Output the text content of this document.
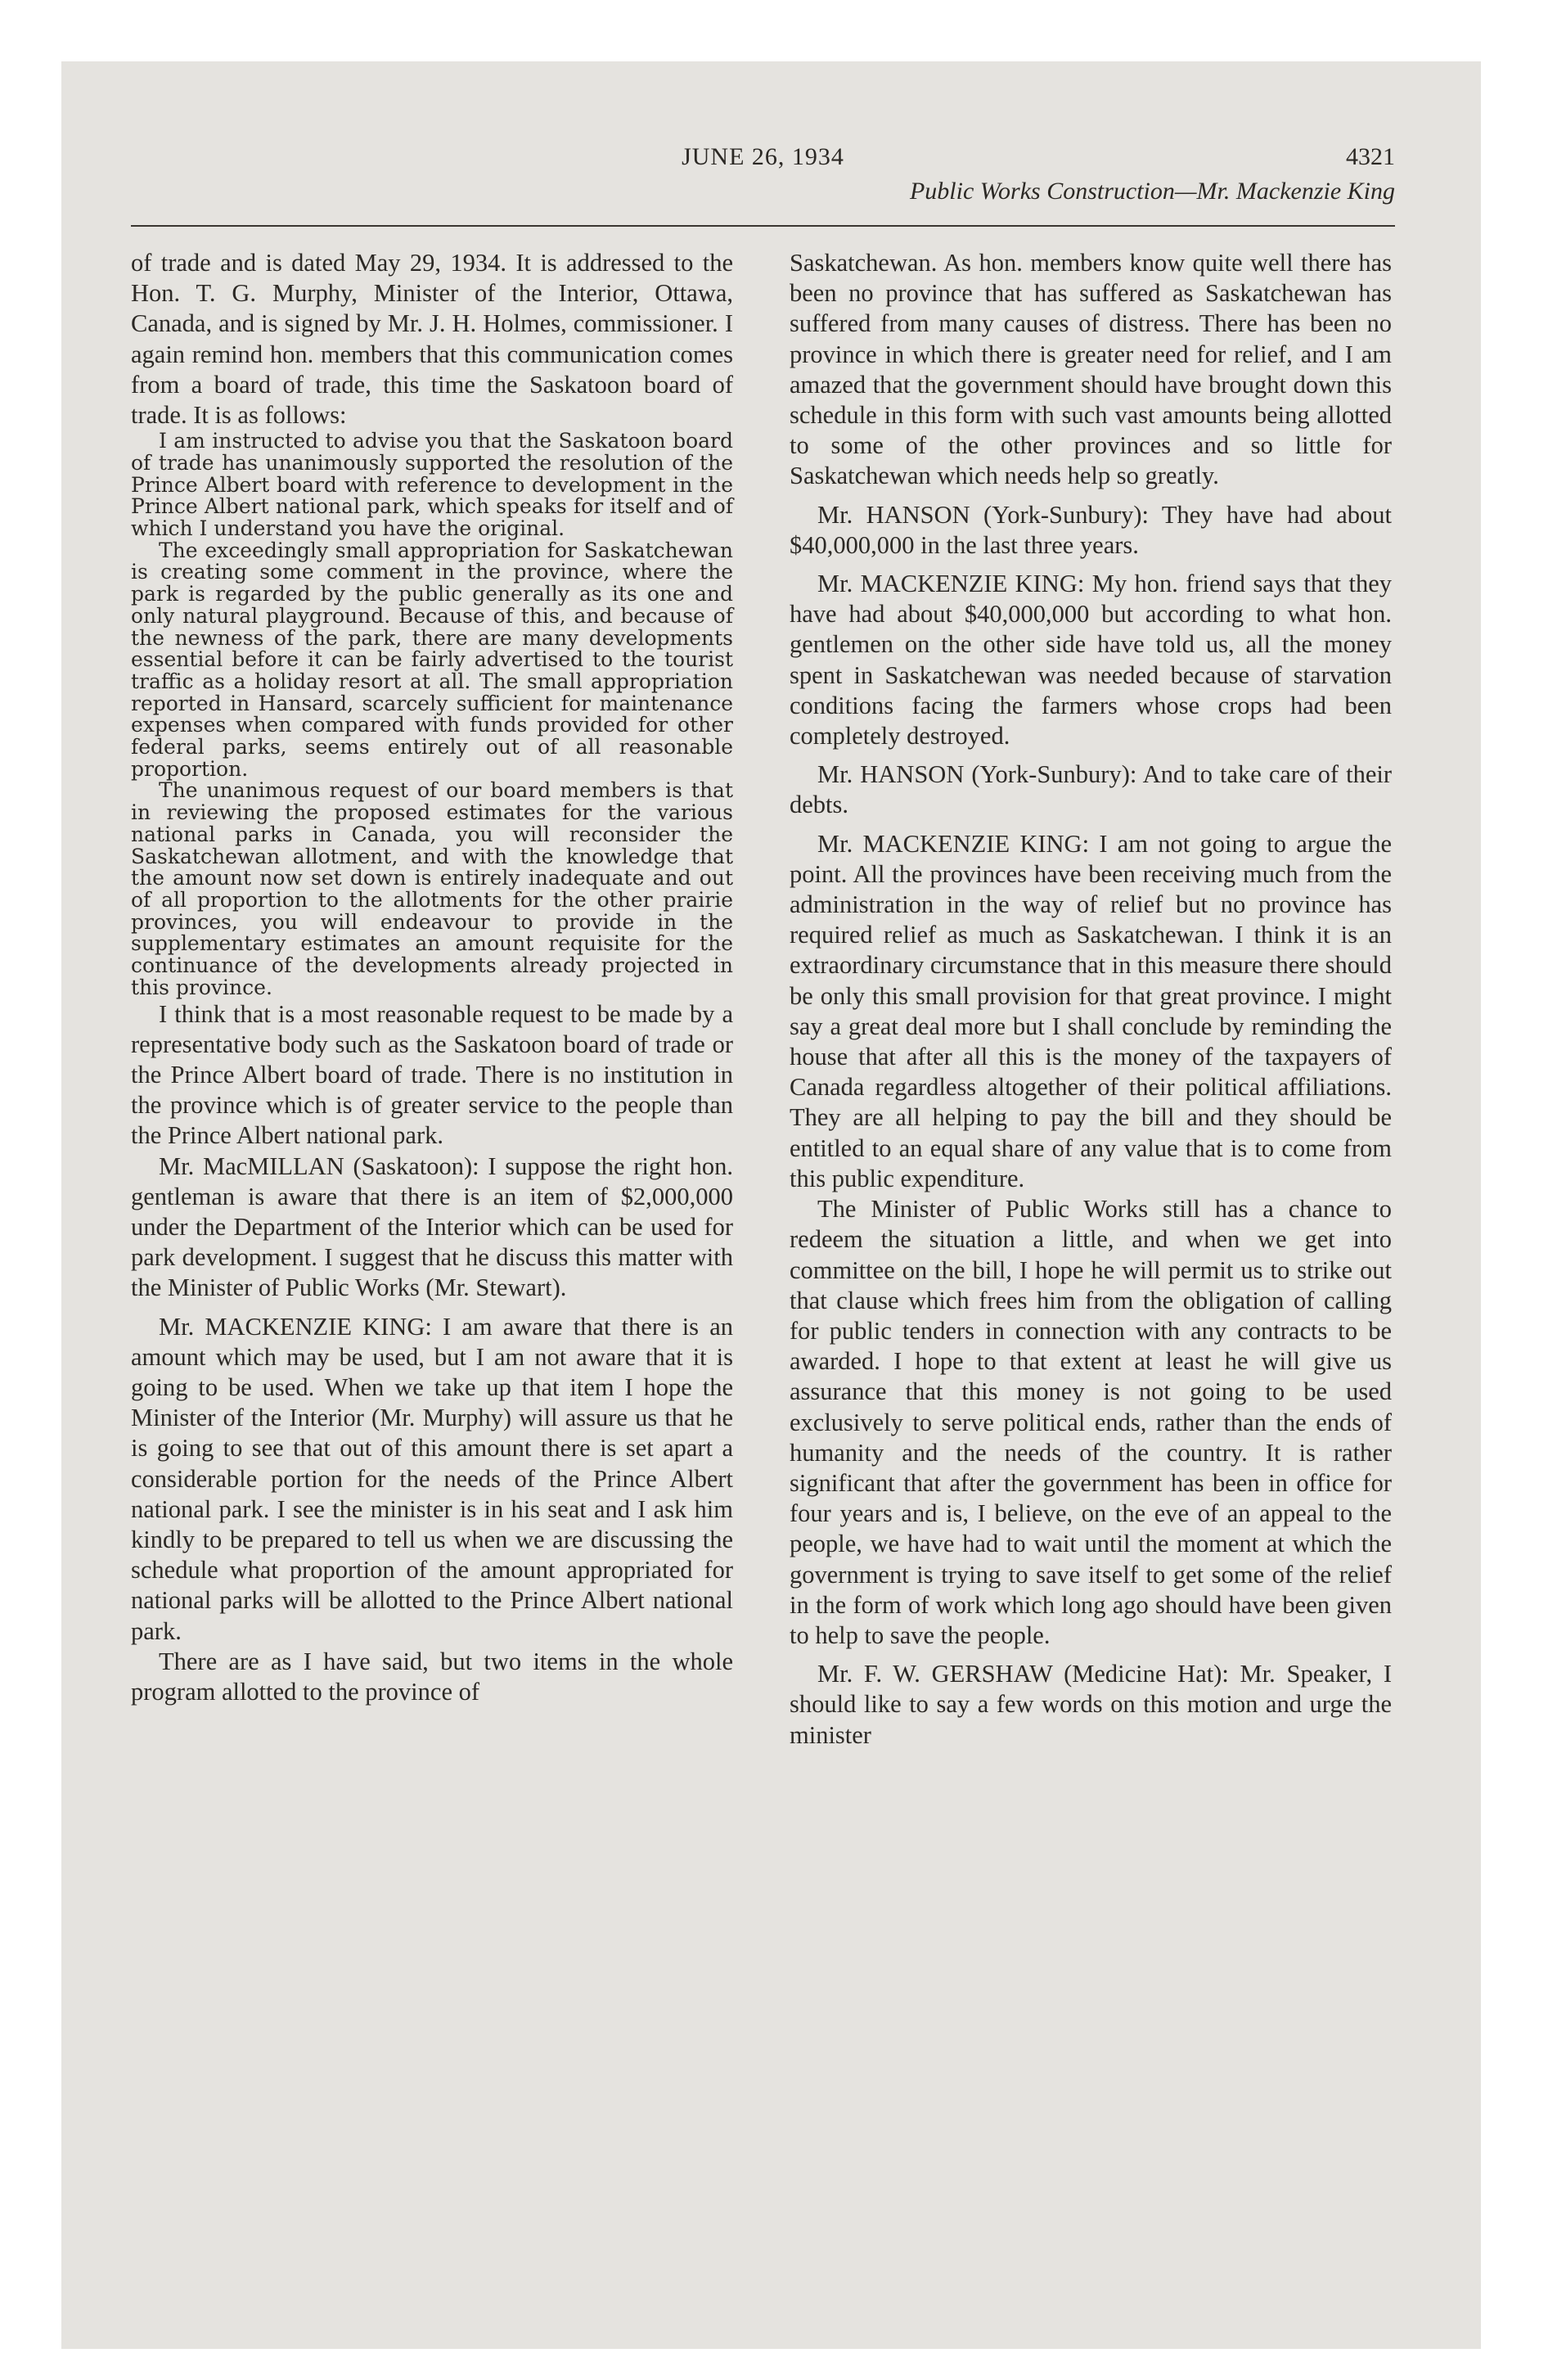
JUNE 26, 1934	4321
Public Works Construction—Mr. Mackenzie King

of trade and is dated May 29, 1934. It is addressed to the Hon. T. G. Murphy, Minister of the Interior, Ottawa, Canada, and is signed by Mr. J. H. Holmes, commissioner. I again remind hon. members that this communication comes from a board of trade, this time the Saskatoon board of trade. It is as follows:

I am instructed to advise you that the Saskatoon board of trade has unanimously supported the resolution of the Prince Albert board with reference to development in the Prince Albert national park, which speaks for itself and of which I understand you have the original.

The exceedingly small appropriation for Saskatchewan is creating some comment in the province, where the park is regarded by the public generally as its one and only natural playground. Because of this, and because of the newness of the park, there are many developments essential before it can be fairly advertised to the tourist traffic as a holiday resort at all. The small appropriation reported in Hansard, scarcely sufficient for maintenance expenses when compared with funds provided for other federal parks, seems entirely out of all reasonable proportion.

The unanimous request of our board members is that in reviewing the proposed estimates for the various national parks in Canada, you will reconsider the Saskatchewan allotment, and with the knowledge that the amount now set down is entirely inadequate and out of all proportion to the allotments for the other prairie provinces, you will endeavour to provide in the supplementary estimates an amount requisite for the continuance of the developments already projected in this province.

I think that is a most reasonable request to be made by a representative body such as the Saskatoon board of trade or the Prince Albert board of trade. There is no institution in the province which is of greater service to the people than the Prince Albert national park.

Mr. MacMILLAN (Saskatoon): I suppose the right hon. gentleman is aware that there is an item of $2,000,000 under the Department of the Interior which can be used for park development. I suggest that he discuss this matter with the Minister of Public Works (Mr. Stewart).

Mr. MACKENZIE KING: I am aware that there is an amount which may be used, but I am not aware that it is going to be used. When we take up that item I hope the Minister of the Interior (Mr. Murphy) will assure us that he is going to see that out of this amount there is set apart a considerable portion for the needs of the Prince Albert national park. I see the minister is in his seat and I ask him kindly to be prepared to tell us when we are discussing the schedule what proportion of the amount appropriated for national parks will be allotted to the Prince Albert national park.

There are as I have said, but two items in the whole program allotted to the province of

Saskatchewan. As hon. members know quite well there has been no province that has suffered as Saskatchewan has suffered from many causes of distress. There has been no province in which there is greater need for relief, and I am amazed that the government should have brought down this schedule in this form with such vast amounts being allotted to some of the other provinces and so little for Saskatchewan which needs help so greatly.

Mr. HANSON (York-Sunbury): They have had about $40,000,000 in the last three years.

Mr. MACKENZIE KING: My hon. friend says that they have had about $40,000,000 but according to what hon. gentlemen on the other side have told us, all the money spent in Saskatchewan was needed because of starvation conditions facing the farmers whose crops had been completely destroyed.

Mr. HANSON (York-Sunbury): And to take care of their debts.

Mr. MACKENZIE KING: I am not going to argue the point. All the provinces have been receiving much from the administration in the way of relief but no province has required relief as much as Saskatchewan. I think it is an extraordinary circumstance that in this measure there should be only this small provision for that great province. I might say a great deal more but I shall conclude by reminding the house that after all this is the money of the taxpayers of Canada regardless altogether of their political affiliations. They are all helping to pay the bill and they should be entitled to an equal share of any value that is to come from this public expenditure.

The Minister of Public Works still has a chance to redeem the situation a little, and when we get into committee on the bill, I hope he will permit us to strike out that clause which frees him from the obligation of calling for public tenders in connection with any contracts to be awarded. I hope to that extent at least he will give us assurance that this money is not going to be used exclusively to serve political ends, rather than the ends of humanity and the needs of the country. It is rather significant that after the government has been in office for four years and is, I believe, on the eve of an appeal to the people, we have had to wait until the moment at which the government is trying to save itself to get some of the relief in the form of work which long ago should have been given to help to save the people.

Mr. F. W. GERSHAW (Medicine Hat): Mr. Speaker, I should like to say a few words on this motion and urge the minister
